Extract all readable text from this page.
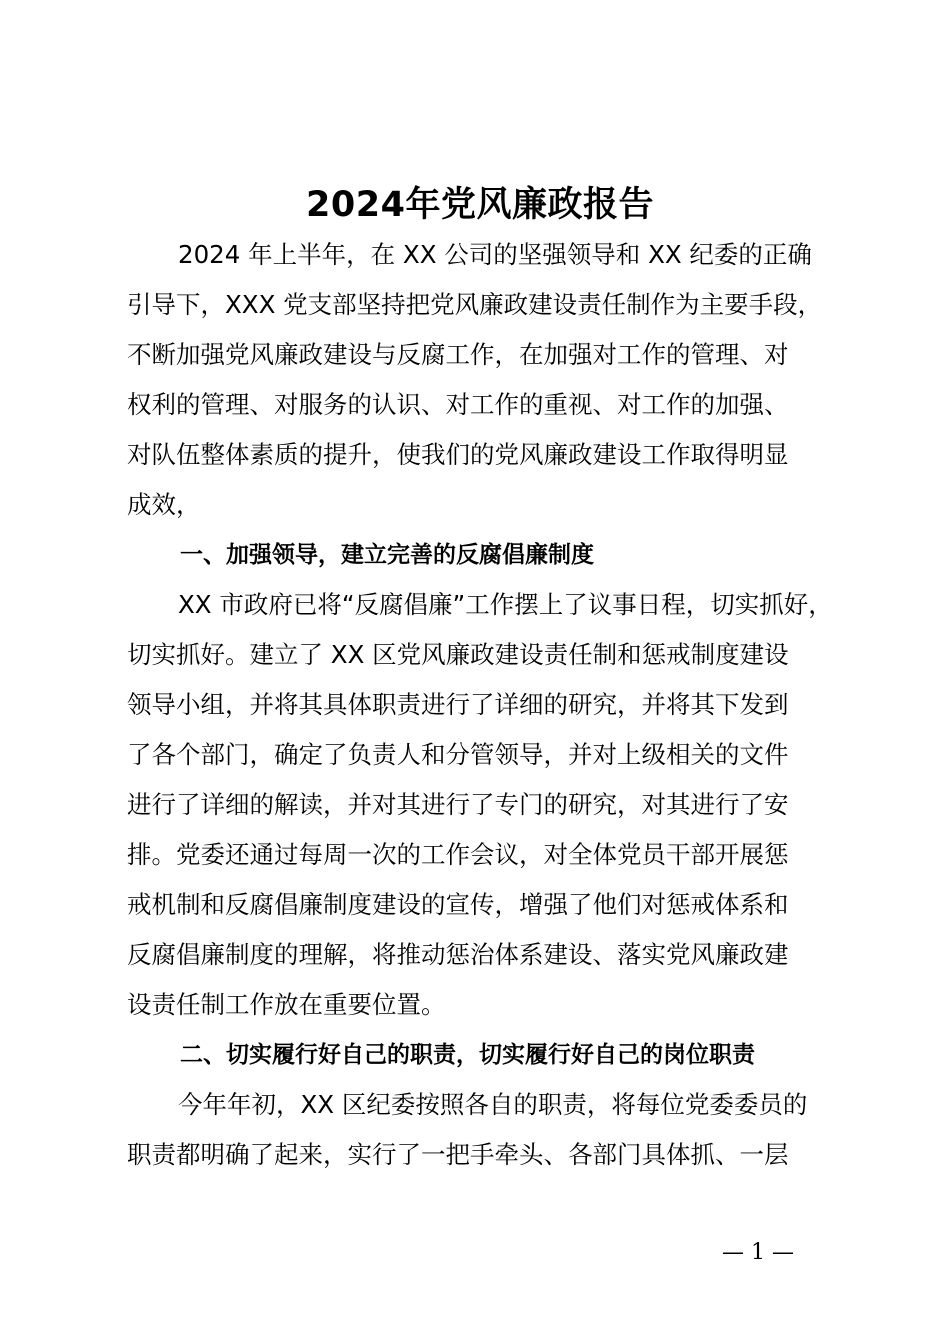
2024年党风廉政报告
2024 年上半年，在 XX 公司的坚强领导和 XX 纪委的正确
引导下，XXX 党支部坚持把党风廉政建设责任制作为主要手段，
不断加强党风廉政建设与反腐工作，在加强对工作的管理、对
权利的管理、对服务的认识、对工作的重视、对工作的加强、
对队伍整体素质的提升，使我们的党风廉政建设工作取得明显
成效，
一、加强领导，建立完善的反腐倡廉制度
XX 市政府已将“反腐倡廉”工作摆上了议事日程，切实抓好，
切实抓好。建立了 XX 区党风廉政建设责任制和惩戒制度建设
领导小组，并将其具体职责进行了详细的研究，并将其下发到
了各个部门，确定了负责人和分管领导，并对上级相关的文件
进行了详细的解读，并对其进行了专门的研究，对其进行了安
排。党委还通过每周一次的工作会议，对全体党员干部开展惩
戒机制和反腐倡廉制度建设的宣传，增强了他们对惩戒体系和
反腐倡廉制度的理解，将推动惩治体系建设、落实党风廉政建
设责任制工作放在重要位置。
二、切实履行好自己的职责，切实履行好自己的岗位职责
今年年初，XX 区纪委按照各自的职责，将每位党委委员的
职责都明确了起来，实行了一把手牵头、各部门具体抓、一层
— 1 —
